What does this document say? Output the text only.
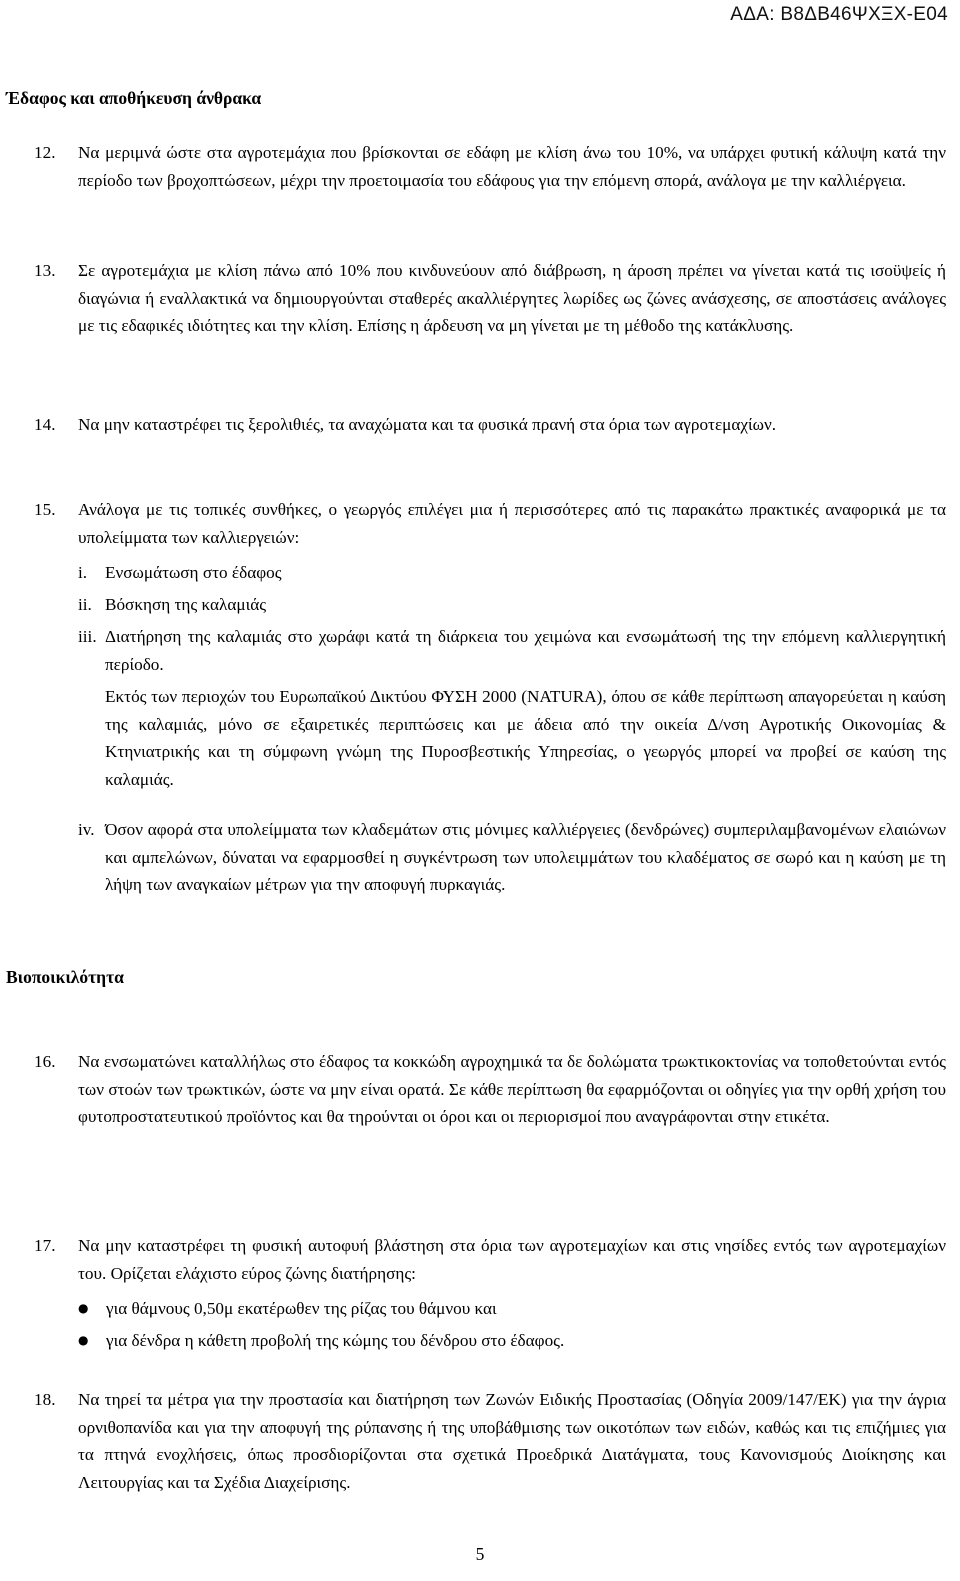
ΑΔΑ: Β8ΔΒ46ΨΧΞΧ-Ε04
Έδαφος και αποθήκευση άνθρακα
12.	Να μεριμνά ώστε στα αγροτεμάχια που βρίσκονται σε εδάφη με κλίση άνω του 10%, να υπάρχει φυτική κάλυψη κατά την περίοδο των βροχοπτώσεων, μέχρι την προετοιμασία του εδάφους για την επόμενη σπορά, ανάλογα με την καλλιέργεια.
13.	Σε αγροτεμάχια με κλίση πάνω από 10% που κινδυνεύουν από διάβρωση, η άροση πρέπει να γίνεται κατά τις ισοϋψείς ή διαγώνια ή εναλλακτικά να δημιουργούνται σταθερές ακαλλιέργητες λωρίδες ως ζώνες ανάσχεσης, σε αποστάσεις ανάλογες με τις εδαφικές ιδιότητες και την κλίση. Επίσης η άρδευση να μη γίνεται με τη μέθοδο της κατάκλυσης.
14.	Να μην καταστρέφει τις ξερολιθιές, τα αναχώματα και τα φυσικά πρανή στα όρια των αγροτεμαχίων.
15.	Ανάλογα με τις τοπικές συνθήκες, ο γεωργός επιλέγει μια ή περισσότερες από τις παρακάτω πρακτικές αναφορικά με τα υπολείμματα των καλλιεργειών:
i. Ενσωμάτωση στο έδαφος
ii. Βόσκηση της καλαμιάς
iii. Διατήρηση της καλαμιάς στο χωράφι κατά τη διάρκεια του χειμώνα και ενσωμάτωσή της την επόμενη καλλιεργητική περίοδο.
Εκτός των περιοχών του Ευρωπαϊκού Δικτύου ΦΥΣΗ 2000 (NATURA), όπου σε κάθε περίπτωση απαγορεύεται η καύση της καλαμιάς, μόνο σε εξαιρετικές περιπτώσεις και με άδεια από την οικεία Δ/νση Αγροτικής Οικονομίας & Κτηνιατρικής και τη σύμφωνη γνώμη της Πυροσβεστικής Υπηρεσίας, ο γεωργός μπορεί να προβεί σε καύση της καλαμιάς.
iv. Όσον αφορά στα υπολείμματα των κλαδεμάτων στις μόνιμες καλλιέργειες (δενδρώνες) συμπεριλαμβανομένων ελαιώνων και αμπελώνων, δύναται να εφαρμοσθεί η συγκέντρωση των υπολειμμάτων του κλαδέματος σε σωρό και η καύση με τη λήψη των αναγκαίων μέτρων για την αποφυγή πυρκαγιάς.
Βιοποικιλότητα
16.	Να ενσωματώνει καταλλήλως στο έδαφος τα κοκκώδη αγροχημικά τα δε δολώματα τρωκτικοκτονίας να τοποθετούνται εντός των στοών των τρωκτικών, ώστε να μην είναι ορατά. Σε κάθε περίπτωση θα εφαρμόζονται οι οδηγίες για την ορθή χρήση του φυτοπροστατευτικού προϊόντος και θα τηρούνται οι όροι και οι περιορισμοί που αναγράφονται στην ετικέτα.
17.	Να μην καταστρέφει τη φυσική αυτοφυή βλάστηση στα όρια των αγροτεμαχίων και στις νησίδες εντός των αγροτεμαχίων του. Ορίζεται ελάχιστο εύρος ζώνης διατήρησης:
● για θάμνους 0,50μ εκατέρωθεν της ρίζας του θάμνου και
● για δένδρα η κάθετη προβολή της κώμης του δένδρου στο έδαφος.
18.	Να τηρεί τα μέτρα για την προστασία και διατήρηση των Ζωνών Ειδικής Προστασίας (Οδηγία 2009/147/ΕΚ) για την άγρια ορνιθοπανίδα και για την αποφυγή της ρύπανσης ή της υποβάθμισης των οικοτόπων των ειδών, καθώς και τις επιζήμιες για τα πτηνά ενοχλήσεις, όπως προσδιορίζονται στα σχετικά Προεδρικά Διατάγματα, τους Κανονισμούς Διοίκησης και Λειτουργίας και τα Σχέδια Διαχείρισης.
5
